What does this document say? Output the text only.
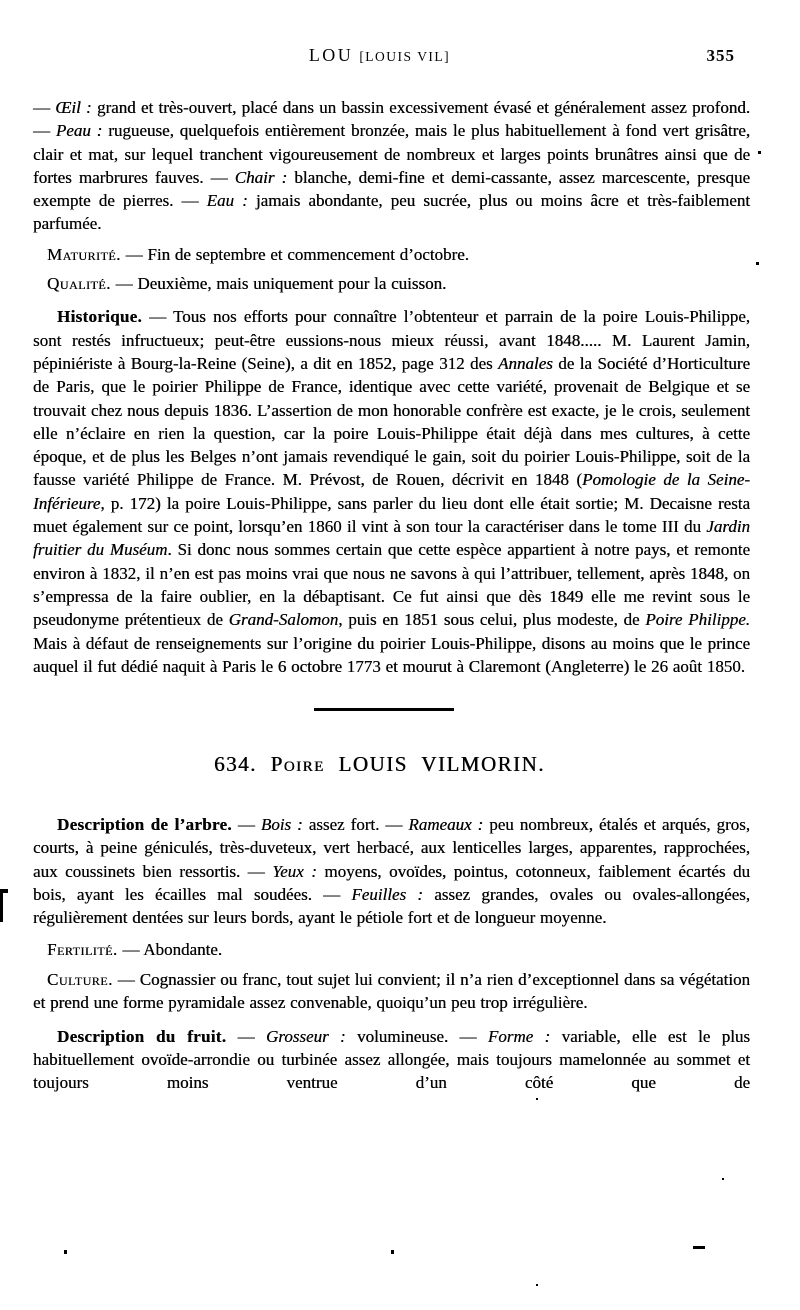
LOU [LOUIS VIL]	355

— Œil : grand et très-ouvert, placé dans un bassin excessivement évasé et généralement assez profond. — Peau : rugueuse, quelquefois entièrement bronzée, mais le plus habituellement à fond vert grisâtre, clair et mat, sur lequel tranchent vigoureusement de nombreux et larges points brunâtres ainsi que de fortes marbrures fauves. — Chair : blanche, demi-fine et demi-cassante, assez marcescente, presque exempte de pierres. — Eau : jamais abondante, peu sucrée, plus ou moins âcre et très-faiblement parfumée.

Maturité. — Fin de septembre et commencement d’octobre.

Qualité. — Deuxième, mais uniquement pour la cuisson.

Historique. — Tous nos efforts pour connaître l’obtenteur et parrain de la poire Louis-Philippe, sont restés infructueux; peut-être eussions-nous mieux réussi, avant 1848..... M. Laurent Jamin, pépiniériste à Bourg-la-Reine (Seine), a dit en 1852, page 312 des Annales de la Société d’Horticulture de Paris, que le poirier Philippe de France, identique avec cette variété, provenait de Belgique et se trouvait chez nous depuis 1836. L’assertion de mon honorable confrère est exacte, je le crois, seulement elle n’éclaire en rien la question, car la poire Louis-Philippe était déjà dans mes cultures, à cette époque, et de plus les Belges n’ont jamais revendiqué le gain, soit du poirier Louis-Philippe, soit de la fausse variété Philippe de France. M. Prévost, de Rouen, décrivit en 1848 (Pomologie de la Seine-Inférieure, p. 172) la poire Louis-Philippe, sans parler du lieu dont elle était sortie; M. Decaisne resta muet également sur ce point, lorsqu’en 1860 il vint à son tour la caractériser dans le tome III du Jardin fruitier du Muséum. Si donc nous sommes certain que cette espèce appartient à notre pays, et remonte environ à 1832, il n’en est pas moins vrai que nous ne savons à qui l’attribuer, tellement, après 1848, on s’empressa de la faire oublier, en la débaptisant. Ce fut ainsi que dès 1849 elle me revint sous le pseudonyme prétentieux de Grand-Salomon, puis en 1851 sous celui, plus modeste, de Poire Philippe. Mais à défaut de renseignements sur l’origine du poirier Louis-Philippe, disons au moins que le prince auquel il fut dédié naquit à Paris le 6 octobre 1773 et mourut à Claremont (Angleterre) le 26 août 1850.

634. Poire LOUIS VILMORIN.

Description de l’arbre. — Bois : assez fort. — Rameaux : peu nombreux, étalés et arqués, gros, courts, à peine géniculés, très-duveteux, vert herbacé, aux lenticelles larges, apparentes, rapprochées, aux coussinets bien ressortis. — Yeux : moyens, ovoïdes, pointus, cotonneux, faiblement écartés du bois, ayant les écailles mal soudées. — Feuilles : assez grandes, ovales ou ovales-allongées, régulièrement dentées sur leurs bords, ayant le pétiole fort et de longueur moyenne.

Fertilité. — Abondante.

Culture. — Cognassier ou franc, tout sujet lui convient; il n’a rien d’exceptionnel dans sa végétation et prend une forme pyramidale assez convenable, quoiqu’un peu trop irrégulière.

Description du fruit. — Grosseur : volumineuse. — Forme : variable, elle est le plus habituellement ovoïde-arrondie ou turbinée assez allongée, mais toujours mamelonnée au sommet et toujours moins ventrue d’un côté que de
